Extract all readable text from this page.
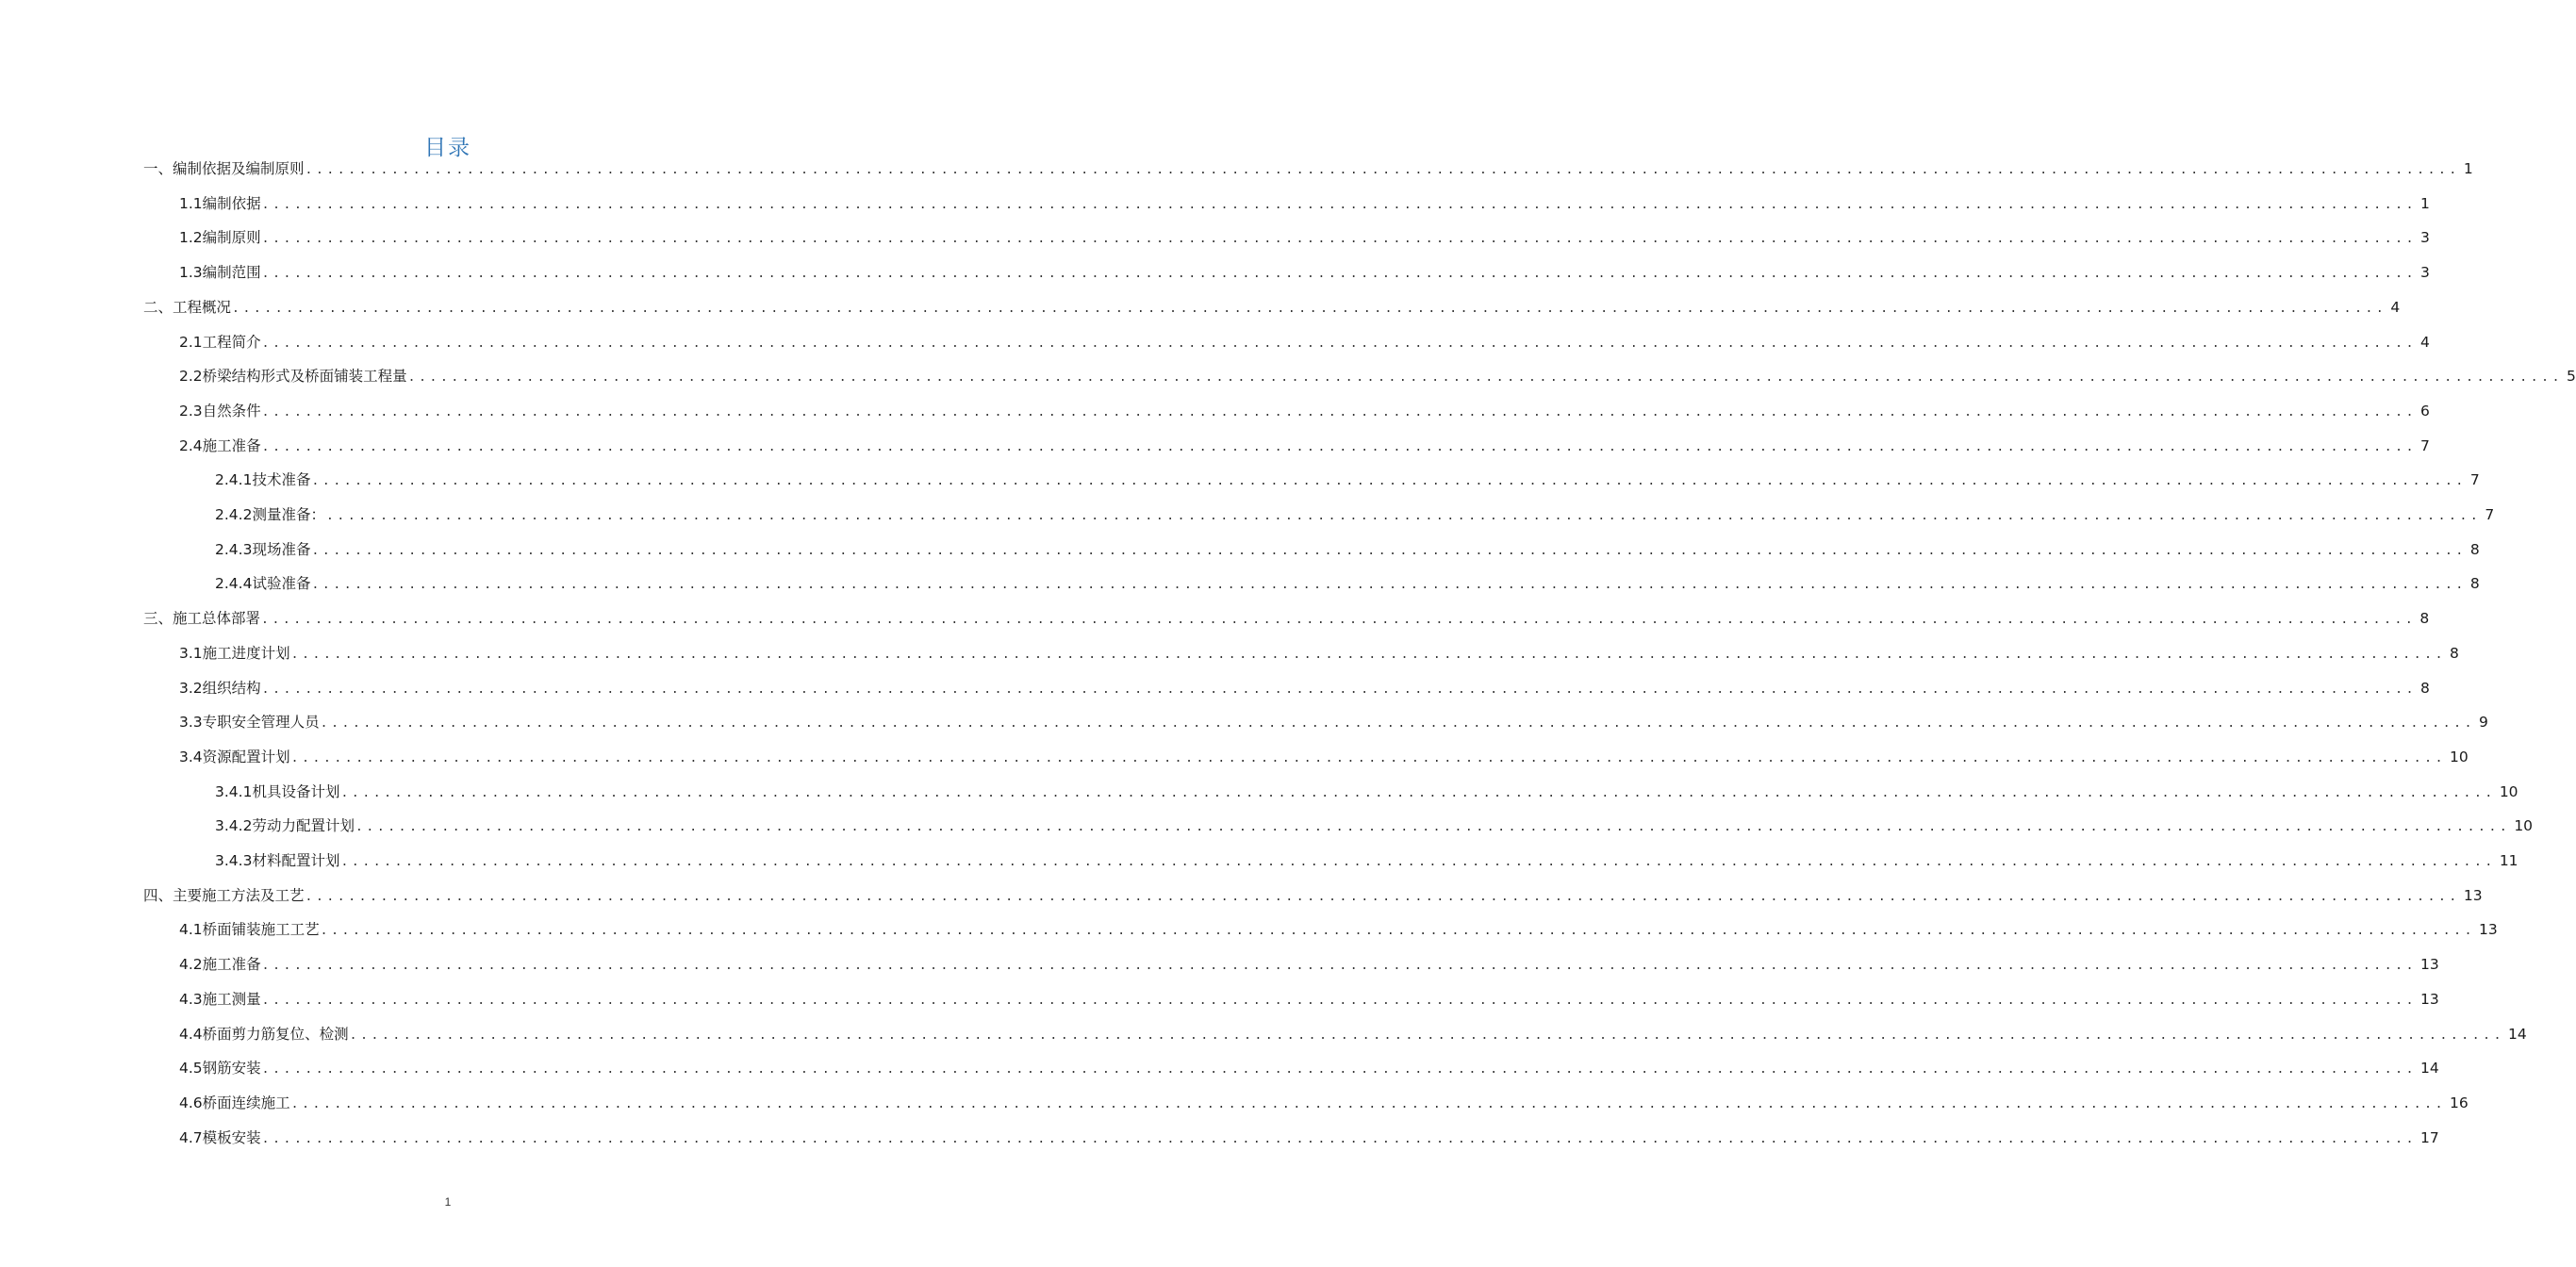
目录
一、 编制依据及编制原则 ........................................................................................................................................................................................................ 1
1.1 编制依据 ........................................................................................................................................................................................................ 1
1.2 编制原则 ........................................................................................................................................................................................................ 3
1.3 编制范围 ........................................................................................................................................................................................................ 3
二、 工程概况 ........................................................................................................................................................................................................ 4
2.1 工程简介 ........................................................................................................................................................................................................ 4
2.2 桥梁结构形式及桥面铺装工程量 ........................................................................................................................................................................................................ 5
2.3 自然条件 ........................................................................................................................................................................................................ 6
2.4 施工准备 ........................................................................................................................................................................................................ 7
2.4.1 技术准备 ........................................................................................................................................................................................................ 7
2.4.2 测量准备： ........................................................................................................................................................................................................ 7
2.4.3 现场准备 ........................................................................................................................................................................................................ 8
2.4.4 试验准备 ........................................................................................................................................................................................................ 8
三、 施工总体部署 ........................................................................................................................................................................................................ 8
3.1 施工进度计划 ........................................................................................................................................................................................................ 8
3.2 组织结构 ........................................................................................................................................................................................................ 8
3.3 专职安全管理人员 ........................................................................................................................................................................................................ 9
3.4 资源配置计划 ........................................................................................................................................................................................................ 10
3.4.1 机具设备计划 ........................................................................................................................................................................................................ 10
3.4.2 劳动力配置计划 ........................................................................................................................................................................................................ 10
3.4.3 材料配置计划 ........................................................................................................................................................................................................ 11
四、 主要施工方法及工艺 ........................................................................................................................................................................................................ 13
4.1 桥面铺装施工工艺 ........................................................................................................................................................................................................ 13
4.2 施工准备 ........................................................................................................................................................................................................ 13
4.3 施工测量 ........................................................................................................................................................................................................ 13
4.4 桥面剪力筋复位、检测 ........................................................................................................................................................................................................ 14
4.5 钢筋安装 ........................................................................................................................................................................................................ 14
4.6 桥面连续施工 ........................................................................................................................................................................................................ 16
4.7 模板安装 ........................................................................................................................................................................................................ 17
1
